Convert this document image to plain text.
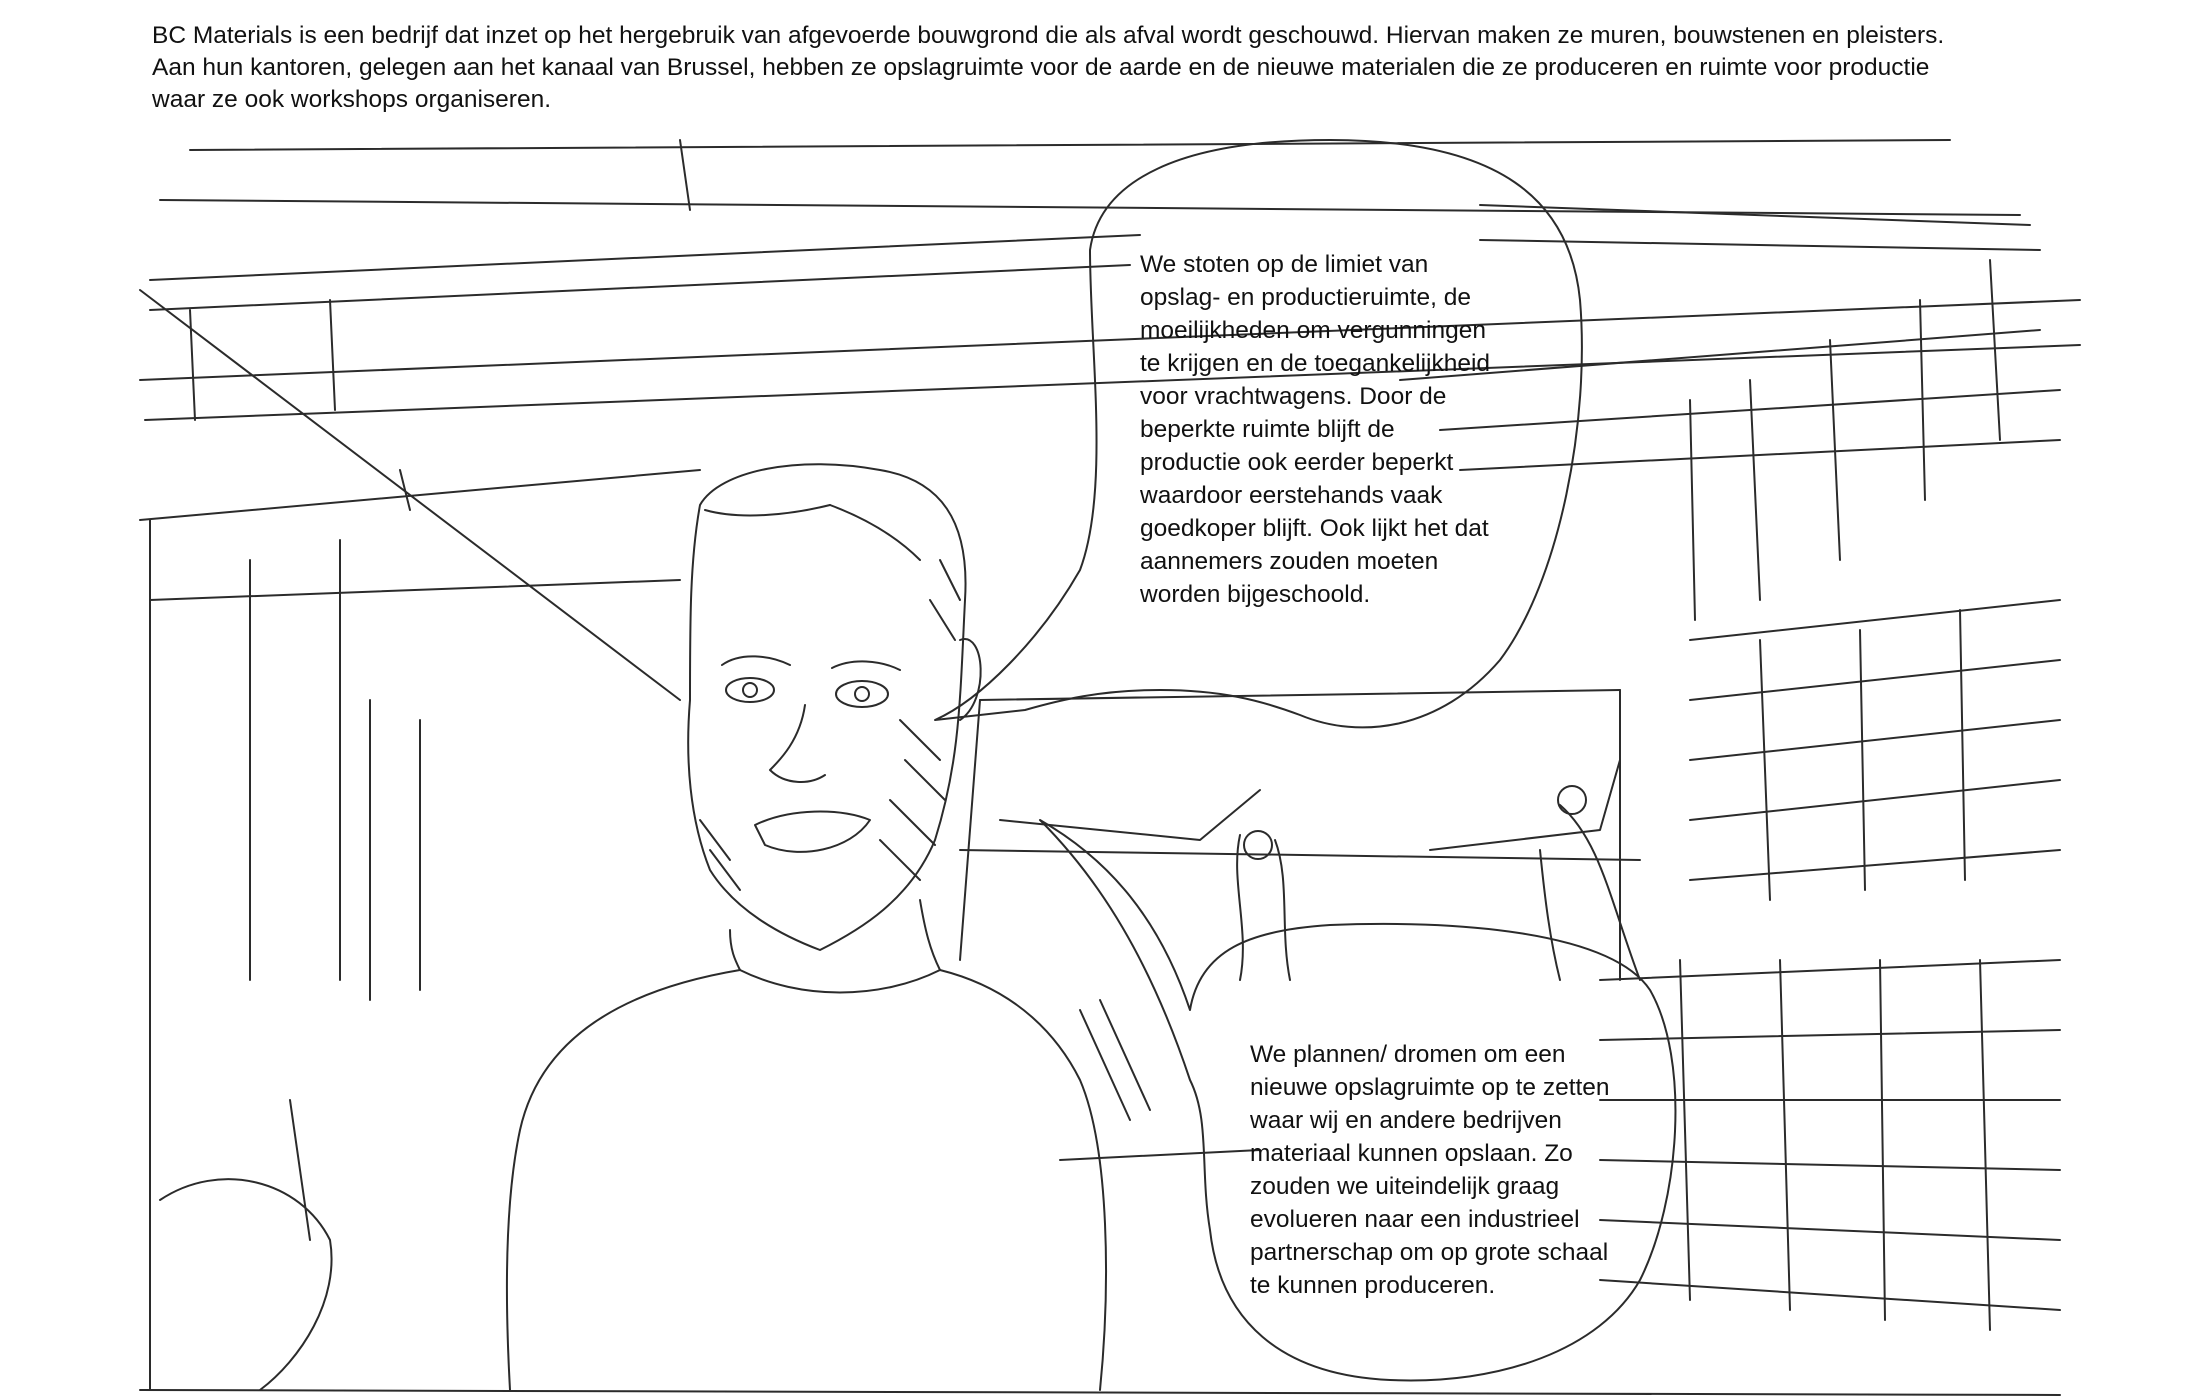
BC Materials is een bedrijf dat inzet op het hergebruik van afgevoerde bouwgrond die als afval wordt geschouwd. Hiervan maken ze muren, bouwstenen en pleisters.
Aan hun kantoren, gelegen aan het kanaal van Brussel, hebben ze opslagruimte voor de aarde en de nieuwe materialen die ze produceren en ruimte voor productie
waar ze ook workshops organiseren.

We stoten op de limiet van
opslag- en productieruimte, de
moeilijkheden om vergunningen
te krijgen en de toegankelijkheid
voor vrachtwagens. Door de
beperkte ruimte blijft de
productie ook eerder beperkt
waardoor eerstehands vaak
goedkoper blijft. Ook lijkt het dat
aannemers zouden moeten
worden bijgeschoold.

We plannen/ dromen om een
nieuwe opslagruimte op te zetten
waar wij en andere bedrijven
materiaal kunnen opslaan. Zo
zouden we uiteindelijk graag
evolueren naar een industrieel
partnerschap om op grote schaal
te kunnen produceren.
